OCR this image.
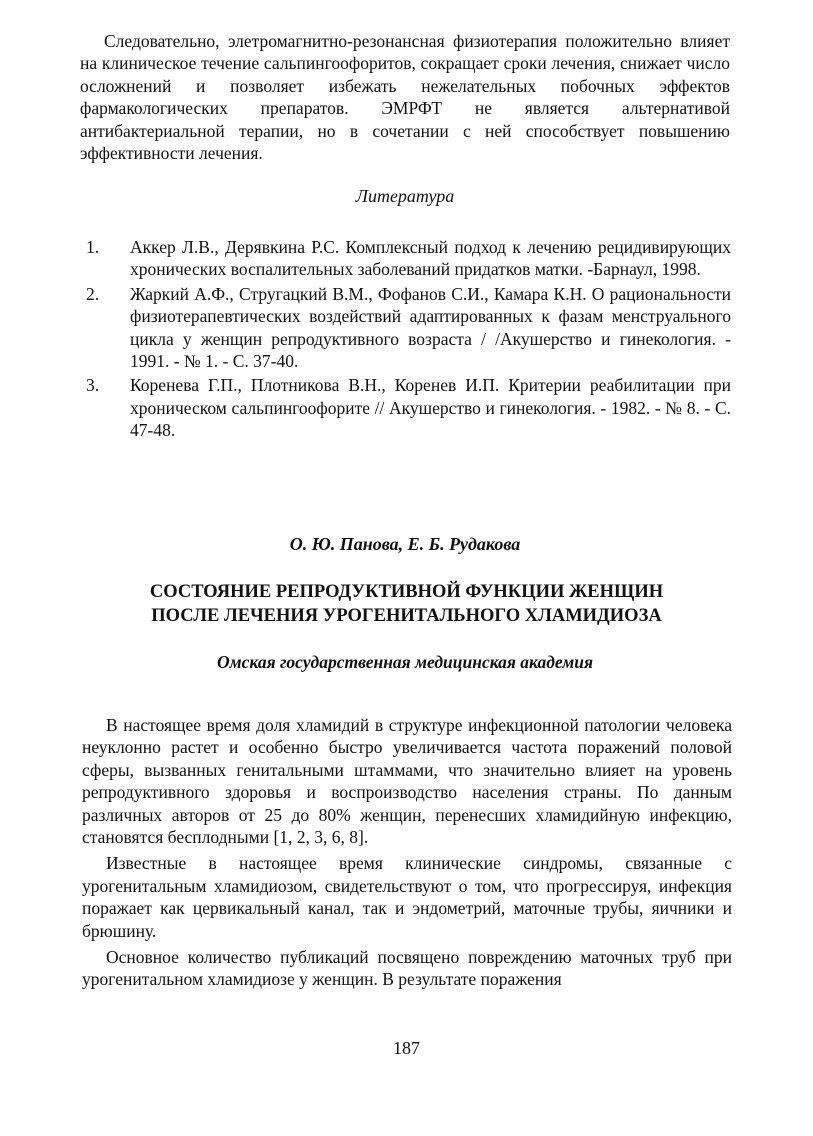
Следовательно, элетромагнитно-резонансная физиотерапия положительно влияет на клиническое течение сальпингоофоритов, сокращает сроки лечения, снижает число осложнений и позволяет избежать нежелательных побочных эффектов фармакологических препаратов. ЭМРФТ не является альтернативой антибактериальной терапии, но в сочетании с ней способствует повышению эффективности лечения.

Литература

1. Аккер Л.В., Дерявкина Р.С. Комплексный подход к лечению рецидивирующих хронических воспалительных заболеваний придатков матки. -Барнаул, 1998.
2. Жаркий А.Ф., Стругацкий В.М., Фофанов С.И., Камара К.Н. О рациональности физиотерапевтических воздействий адаптированных к фазам менструального цикла у женщин репродуктивного возраста / /Акушерство и гинекология. - 1991. - № 1. - С. 37-40.
3. Коренева Г.П., Плотникова В.Н., Коренев И.П. Критерии реабилитации при хроническом сальпингоофорите // Акушерство и гинекология. - 1982. - № 8. - С. 47-48.

О. Ю. Панова, Е. Б. Рудакова

СОСТОЯНИЕ РЕПРОДУКТИВНОЙ ФУНКЦИИ ЖЕНЩИН

ПОСЛЕ ЛЕЧЕНИЯ УРОГЕНИТАЛЬНОГО ХЛАМИДИОЗА

Омская государственная медицинская академия

В настоящее время доля хламидий в структуре инфекционной патологии человека неуклонно растет и особенно быстро увеличивается частота поражений половой сферы, вызванных генитальными штаммами, что значительно влияет на уровень репродуктивного здоровья и воспроизводство населения страны. По данным различных авторов от 25 до 80% женщин, перенесших хламидийную инфекцию, становятся бесплодными [1, 2, 3, 6, 8].

Известные в настоящее время клинические синдромы, связанные с урогенитальным хламидиозом, свидетельствуют о том, что прогрессируя, инфекция поражает как цервикальный канал, так и эндометрий, маточные трубы, яичники и брюшину.

Основное количество публикаций посвящено повреждению маточных труб при урогенитальном хламидиозе у женщин. В результате поражения

187
